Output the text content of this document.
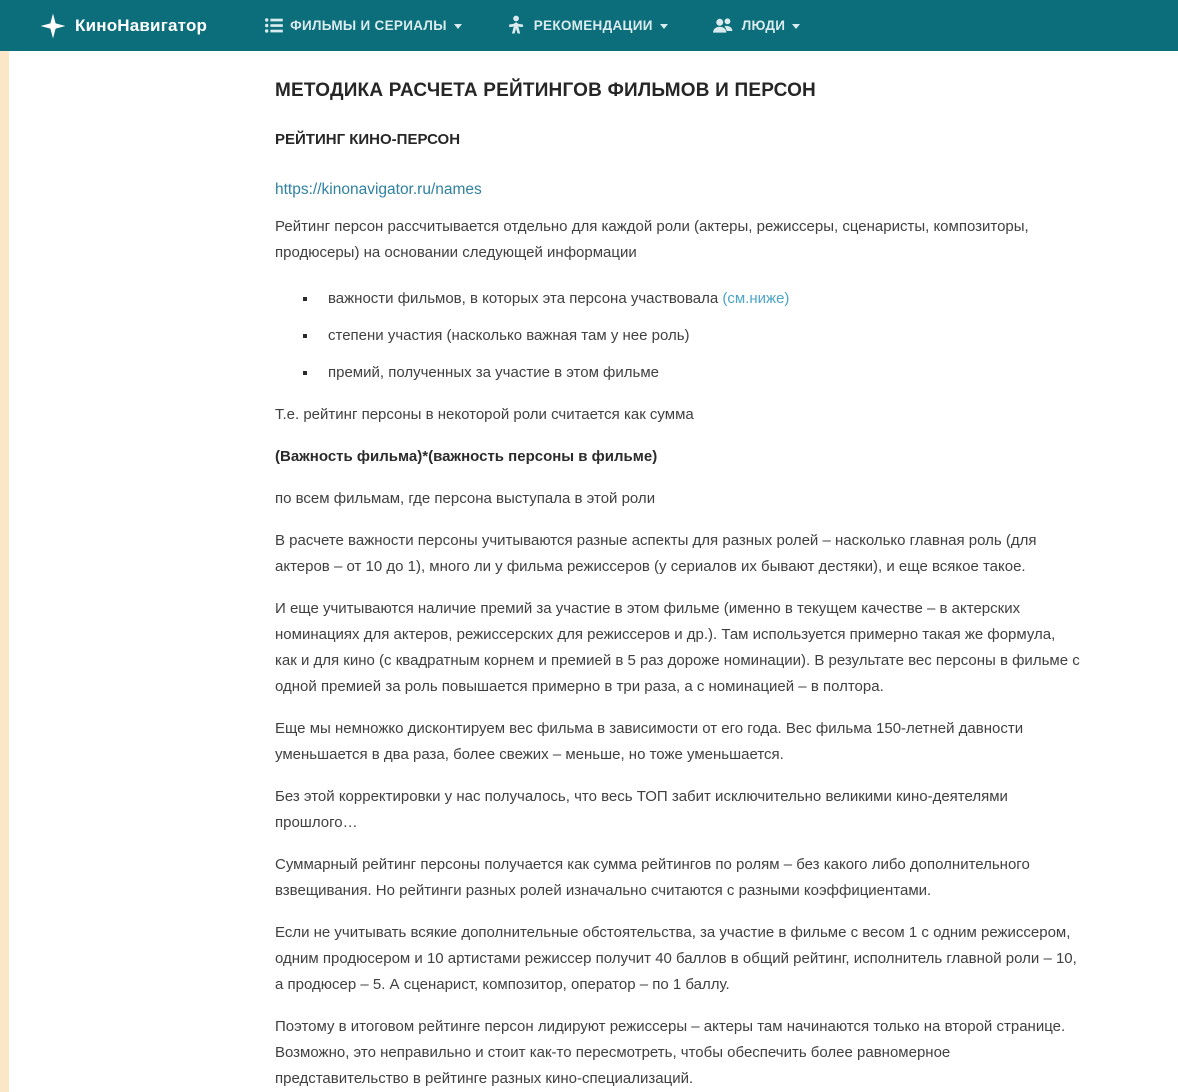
КиноНавигатор	ФИЛЬМЫ И СЕРИАЛЫ	РЕКОМЕНДАЦИИ	ЛЮДИ
МЕТОДИКА РАСЧЕТА РЕЙТИНГОВ ФИЛЬМОВ И ПЕРСОН
РЕЙТИНГ КИНО-ПЕРСОН
https://kinonavigator.ru/names

Рейтинг персон рассчитывается отдельно для каждой роли (актеры, режиссеры, сценаристы, композиторы, продюсеры) на основании следующей информации

важности фильмов, в которых эта персона участвовала (см.ниже)
степени участия (насколько важная там у нее роль)
премий, полученных за участие в этом фильме

Т.е. рейтинг персоны в некоторой роли считается как сумма

(Важность фильма)*(важность персоны в фильме)

по всем фильмам, где персона выступала в этой роли

В расчете важности персоны учитываются разные аспекты для разных ролей – насколько главная роль (для актеров – от 10 до 1), много ли у фильма режиссеров (у сериалов их бывают дестяки), и еще всякое такое.

И еще учитываются наличие премий за участие в этом фильме (именно в текущем качестве – в актерских номинациях для актеров, режиссерских для режиссеров и др.). Там используется примерно такая же формула, как и для кино (с квадратным корнем и премией в 5 раз дороже номинации). В результате вес персоны в фильме с одной премией за роль повышается примерно в три раза, а с номинацией – в полтора.

Еще мы немножко дисконтируем вес фильма в зависимости от его года. Вес фильма 150-летней давности уменьшается в два раза, более свежих – меньше, но тоже уменьшается.

Без этой корректировки у нас получалось, что весь ТОП забит исключительно великими кино-деятелями прошлого…

Суммарный рейтинг персоны получается как сумма рейтингов по ролям – без какого либо дополнительного взвещивания. Но рейтинги разных ролей изначально считаются с разными коэффициентами.

Если не учитывать всякие дополнительные обстоятельства, за участие в фильме с весом 1 с одним режиссером, одним продюсером и 10 артистами режиссер получит 40 баллов в общий рейтинг, исполнитель главной роли – 10, а продюсер – 5. А сценарист, композитор, оператор – по 1 баллу.

Поэтому в итоговом рейтинге персон лидируют режиссеры – актеры там начинаются только на второй странице. Возможно, это неправильно и стоит как-то пересмотреть, чтобы обеспечить более равномерное представительство в рейтинге разных кино-специализаций.
